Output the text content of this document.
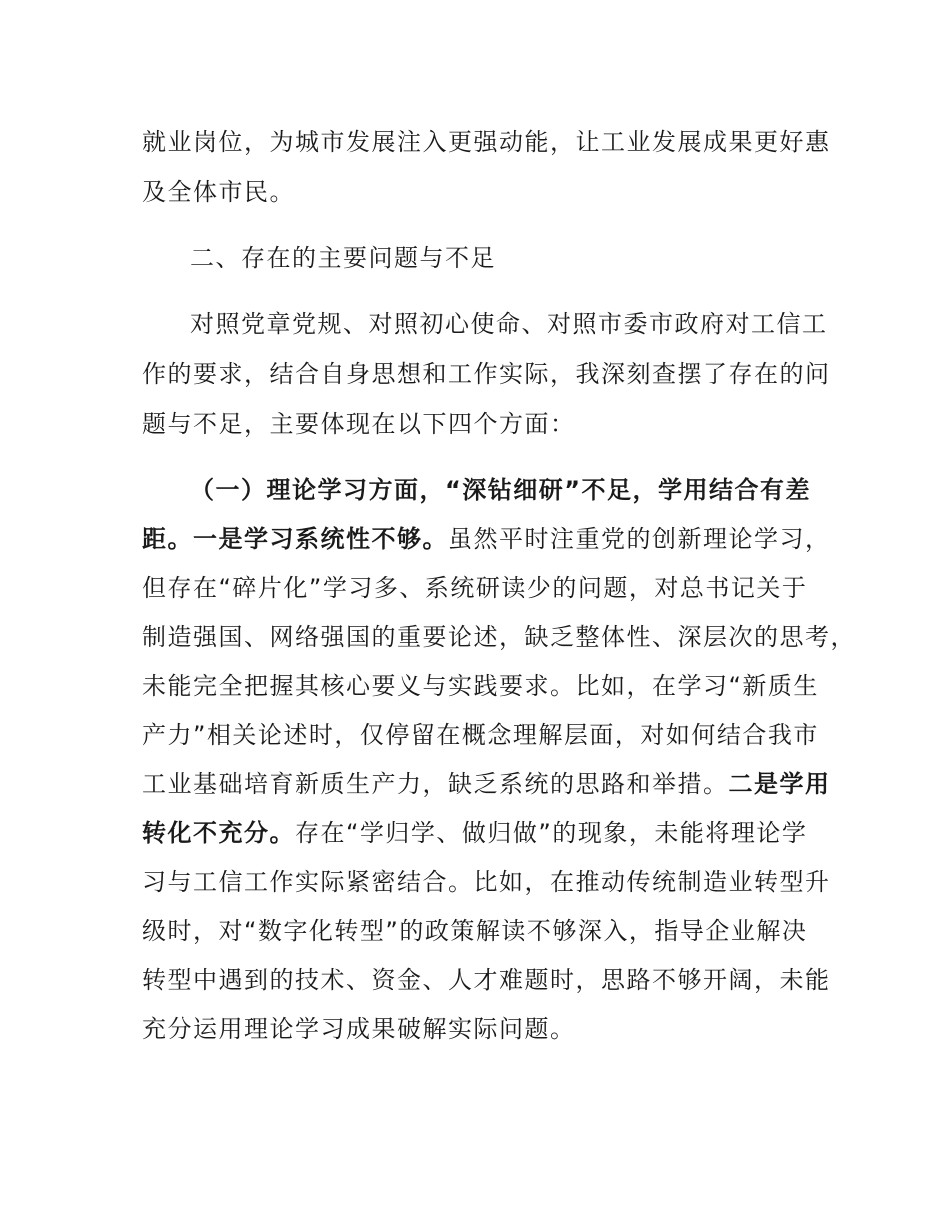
就业岗位，为城市发展注入更强动能，让工业发展成果更好惠
及全体市民。
二、存在的主要问题与不足
对照党章党规、对照初心使命、对照市委市政府对工信工
作的要求，结合自身思想和工作实际，我深刻查摆了存在的问
题与不足，主要体现在以下四个方面：
（一）理论学习方面，“深钻细研”不足，学用结合有差
距。一是学习系统性不够。虽然平时注重党的创新理论学习，
但存在“碎片化”学习多、系统研读少的问题，对总书记关于
制造强国、网络强国的重要论述，缺乏整体性、深层次的思考，
未能完全把握其核心要义与实践要求。比如，在学习“新质生
产力”相关论述时，仅停留在概念理解层面，对如何结合我市
工业基础培育新质生产力，缺乏系统的思路和举措。二是学用
转化不充分。存在“学归学、做归做”的现象，未能将理论学
习与工信工作实际紧密结合。比如，在推动传统制造业转型升
级时，对“数字化转型”的政策解读不够深入，指导企业解决
转型中遇到的技术、资金、人才难题时，思路不够开阔，未能
充分运用理论学习成果破解实际问题。
